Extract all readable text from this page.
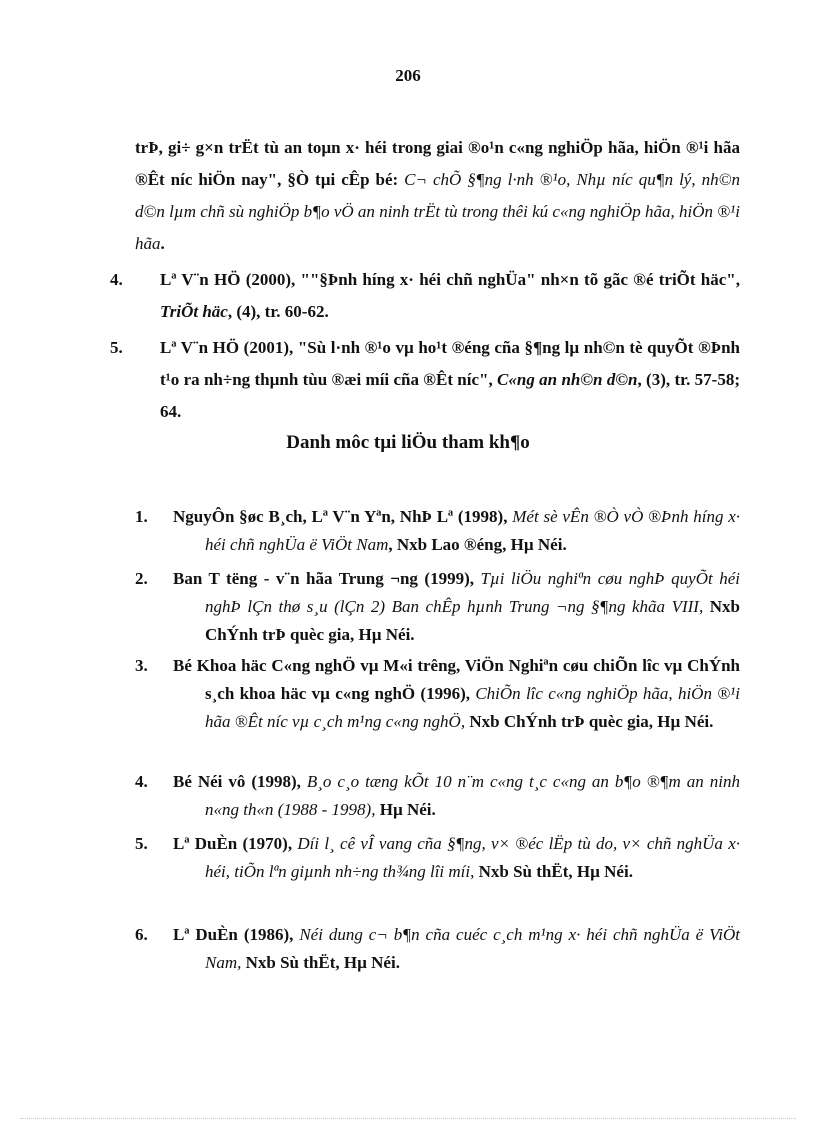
206
trÞ, gi÷ g×n trËt tù an toµn x· héi trong giai ®o¹n c«ng nghiÖp hãa, hiÖn ®¹i hãa ®Êt níc hiÖn nay", §Ò tµi cÊp bé: C¬ chÕ §¶ng l·nh ®¹o, Nhµ níc qu¶n lý, nh©n d©n lµm chñ sù nghiÖp b¶o vÖ an ninh trËt tù trong thêi kú c«ng nghiÖp hãa, hiÖn ®¹i hãa.
4. Lª V¨n HÖ (2000), ""§Þnh híng x· héi chñ nghÜa" nh×n tõ gãc ®é triÕt häc", TriÕt häc, (4), tr. 60-62.
5. Lª V¨n HÖ (2001), "Sù l·nh ®¹o vµ ho¹t ®éng cña §¶ng lµ nh©n tè quyÕt ®Þnh t¹o ra nh÷ng thµnh tùu ®æi míi cña ®Êt níc", C«ng an nh©n d©n, (3), tr. 57-58; 64.
Danh môc tµi liÖu tham kh¶o
1. NguyÔn §øc B¸ch, Lª V¨n Yªn, NhÞ Lª (1998), Mét sè vÊn ®Ò vÒ ®Þnh híng x· héi chñ nghÜa ë ViÖt Nam, Nxb Lao ®éng, Hµ Néi.
2. Ban T tëng - v¨n hãa Trung ¬ng (1999), Tµi liÖu nghiªn cøu nghÞ quyÕt héi nghÞ lÇn thø s¸u (lÇn 2) Ban chÊp hµnh Trung ¬ng §¶ng khãa VIII, Nxb ChÝnh trÞ quèc gia, Hµ Néi.
3. Bé Khoa häc C«ng nghÖ vµ M«i trêng, ViÖn Nghiªn cøu chiÕn lîc vµ ChÝnh s¸ch khoa häc vµ c«ng nghÖ (1996), ChiÕn lîc c«ng nghiÖp hãa, hiÖn ®¹i hãa ®Êt níc vµ c¸ch m¹ng c«ng nghÖ, Nxb ChÝnh trÞ quèc gia, Hµ Néi.
4. Bé Néi vô (1998), B¸o c¸o tæng kÕt 10 n¨m c«ng t¸c c«ng an b¶o ®¶m an ninh n«ng th«n (1988 - 1998), Hµ Néi.
5. Lª DuÈn (1970), Díi l¸ cê vÎ vang cña §¶ng, v× ®éc lËp tù do, v× chñ nghÜa x· héi, tiÕn lªn giµnh nh÷ng th¾ng lîi míi, Nxb Sù thËt, Hµ Néi.
6. Lª DuÈn (1986), Néi dung c¬ b¶n cña cuéc c¸ch m¹ng x· héi chñ nghÜa ë ViÖt Nam, Nxb Sù thËt, Hµ Néi.
